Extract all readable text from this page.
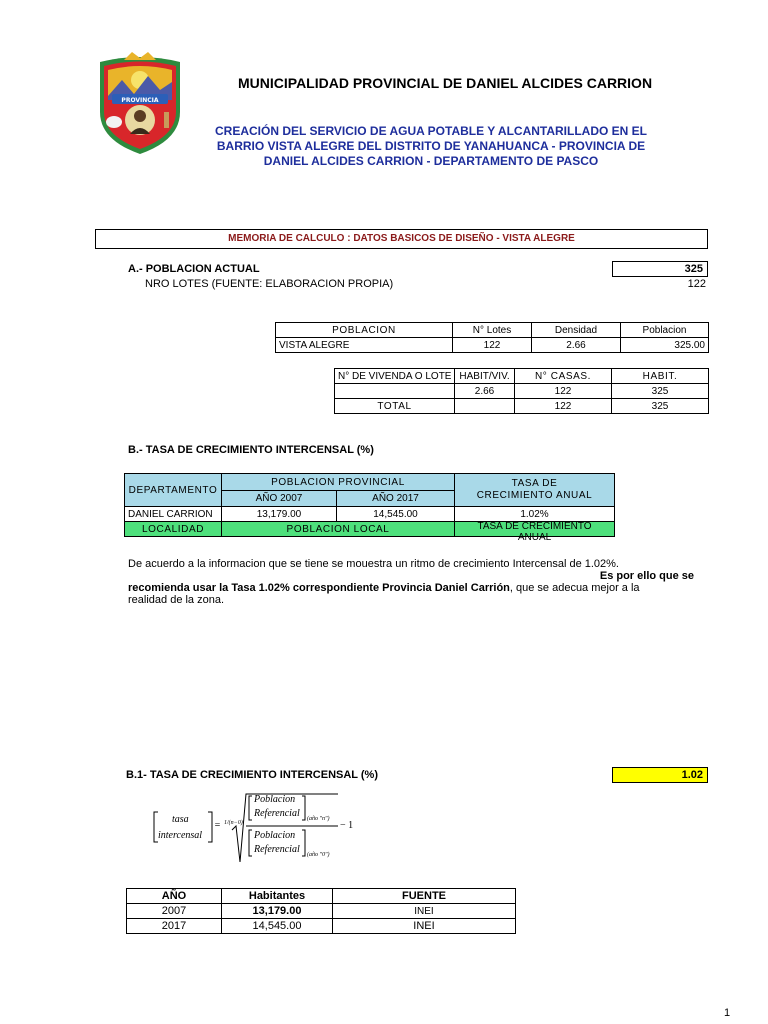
PROVINCIA
MUNICIPALIDAD PROVINCIAL DE DANIEL ALCIDES CARRION
CREACIÓN DEL SERVICIO DE AGUA POTABLE Y ALCANTARILLADO EN EL
BARRIO VISTA ALEGRE DEL DISTRITO DE YANAHUANCA - PROVINCIA DE
DANIEL ALCIDES CARRION - DEPARTAMENTO DE PASCO
MEMORIA DE CALCULO : DATOS BASICOS DE DISEÑO - VISTA ALEGRE
A.- POBLACION ACTUAL	325
NRO LOTES (FUENTE: ELABORACION PROPIA)	122
POBLACION	N° Lotes	Densidad	Poblacion
VISTA ALEGRE	122	2.66	325.00
N° DE VIVENDA O LOTE	HABIT/VIV.	N° CASAS.	HABIT.
	2.66	122	325
TOTAL		122	325
B.- TASA DE CRECIMIENTO INTERCENSAL (%)
DEPARTAMENTO	POBLACION PROVINCIAL		TASA DE CRECIMIENTO ANUAL
	AÑO 2007	AÑO 2017	
DANIEL CARRION	13,179.00	14,545.00	1.02%
LOCALIDAD	POBLACION LOCAL		TASA DE CRECIMIENTO ANUAL
De acuerdo a la informacion que se tiene se mouestra un ritmo de crecimiento Intercensal de 1.02%.
Es por ello que se
recomienda usar la Tasa 1.02% correspondiente Provincia Daniel Carrión, que se adecua mejor a la
realidad de la zona.
B.1- TASA DE CRECIMIENTO INTERCENSAL (%)	1.02
tasa
intercensal
= 1/(n−0)
Poblacion
Referencial (año "n")
Poblacion
Referencial (año "0")
− 1
AÑO	Habitantes	FUENTE
2007	13,179.00	INEI
2017	14,545.00	INEI
1
